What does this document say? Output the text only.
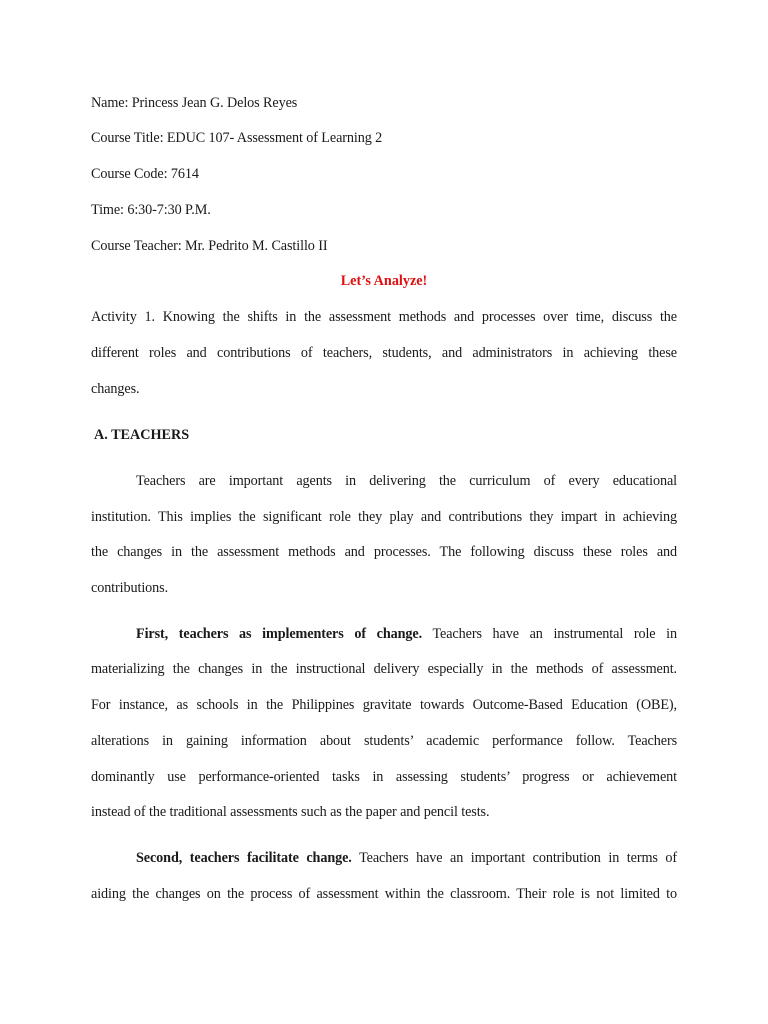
Name: Princess Jean G. Delos Reyes
Course Title: EDUC 107- Assessment of Learning 2
Course Code: 7614
Time: 6:30-7:30 P.M.
Course Teacher: Mr. Pedrito M. Castillo II
Let’s Analyze!
Activity 1. Knowing the shifts in the assessment methods and processes over time, discuss the
different roles and contributions of teachers, students, and administrators in achieving these
changes.
A. TEACHERS
Teachers are important agents in delivering the curriculum of every educational
institution. This implies the significant role they play and contributions they impart in achieving
the changes in the assessment methods and processes. The following discuss these roles and
contributions.
First, teachers as implementers of change. Teachers have an instrumental role in
materializing the changes in the instructional delivery especially in the methods of assessment.
For instance, as schools in the Philippines gravitate towards Outcome-Based Education (OBE),
alterations in gaining information about students’ academic performance follow. Teachers
dominantly use performance-oriented tasks in assessing students’ progress or achievement
instead of the traditional assessments such as the paper and pencil tests.
Second, teachers facilitate change. Teachers have an important contribution in terms of
aiding the changes on the process of assessment within the classroom. Their role is not limited to
